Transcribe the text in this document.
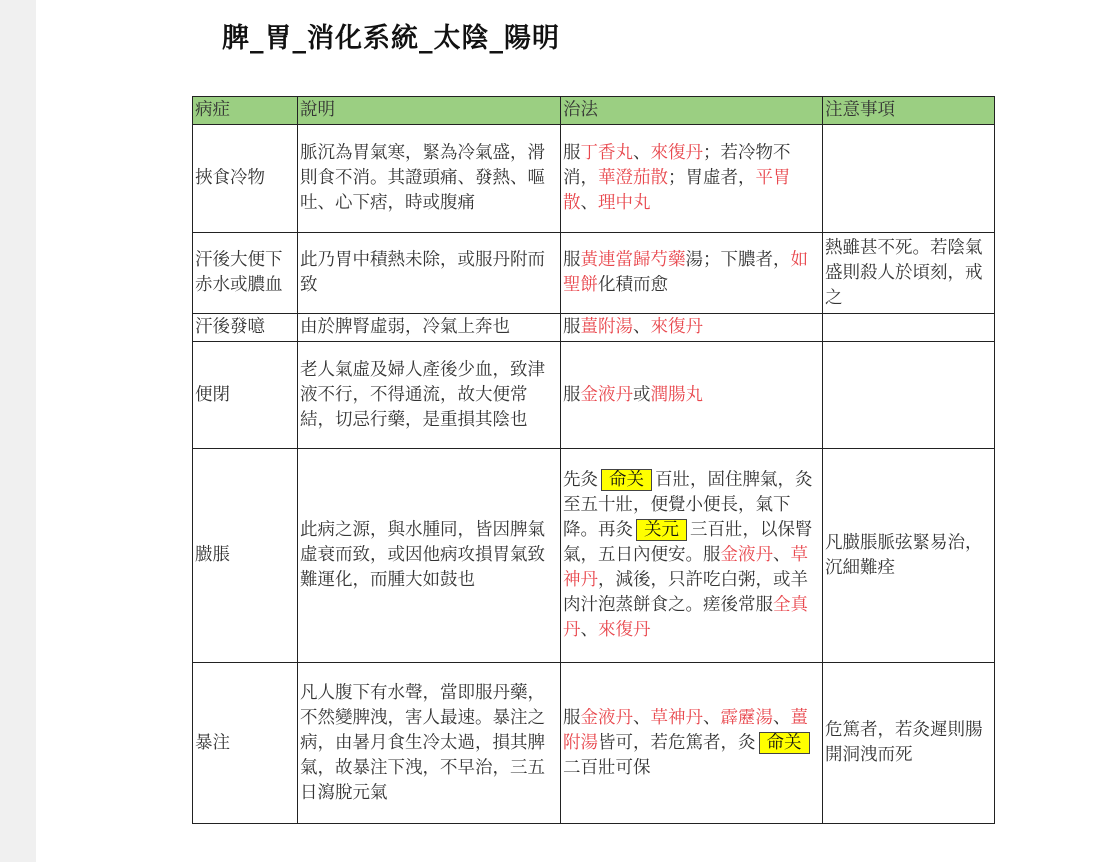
脾_胃_消化系統_太陰_陽明
病症	說明	治法	注意事項
挾食冷物	脈沉為胃氣寒，緊為冷氣盛，滑則食不消。其證頭痛、發熱、嘔吐、心下痞，時或腹痛	服丁香丸、來復丹；若冷物不消，華澄茄散；胃虛者，平胃散、理中丸	
汗後大便下赤水或膿血	此乃胃中積熱未除，或服丹附而致	服黃連當歸芍藥湯；下膿者，如聖餅化積而愈	熱雖甚不死。若陰氣盛則殺人於頃刻，戒之
汗後發噫	由於脾腎虛弱，冷氣上奔也	服薑附湯、來復丹	
便閉	老人氣虛及婦人產後少血，致津液不行，不得通流，故大便常結，切忌行藥，是重損其陰也	服金液丹或潤腸丸	
臌脹	此病之源，與水腫同，皆因脾氣虛衰而致，或因他病攻損胃氣致難運化，而腫大如鼓也	先灸 命关 百壯，固住脾氣，灸至五十壯，便覺小便長，氣下降。再灸 关元 三百壯，以保腎氣，五日內便安。服金液丹、草神丹，減後，只許吃白粥，或羊肉汁泡蒸餅食之。瘥後常服全真丹、來復丹	凡臌脹脈弦緊易治，沉細難痊
暴注	凡人腹下有水聲，當即服丹藥，不然變脾洩，害人最速。暴注之病，由暑月食生冷太過，損其脾氣，故暴注下洩，不早治，三五日瀉脫元氣	服金液丹、草神丹、霹靂湯、薑附湯皆可，若危篤者，灸 命关二百壯可保	危篤者，若灸遲則腸開洞洩而死
